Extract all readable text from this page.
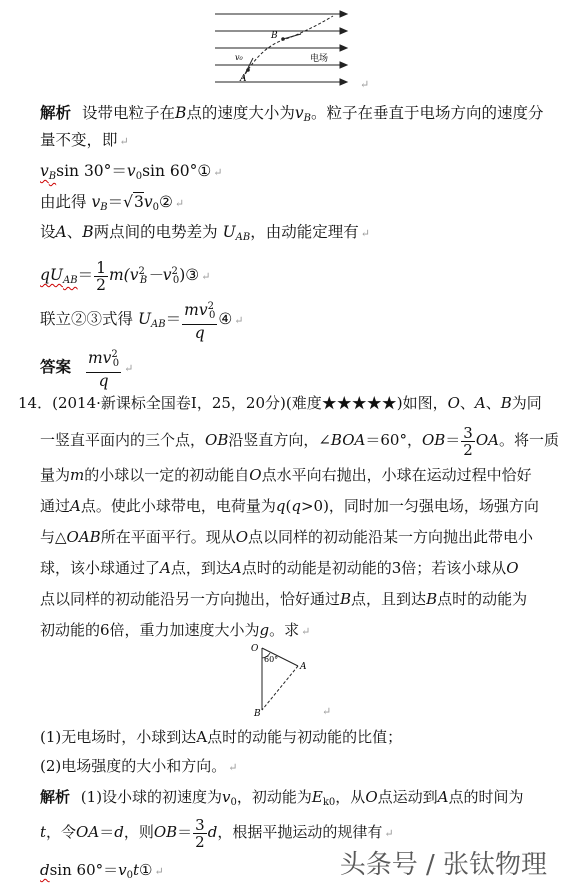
B
v₀
A
电场
↵
解析 设带电粒子在B点的速度大小为$v_B$。粒子在垂直于电场方向的速度分
量不变，即 ↵
$v_B\sin$ $30^\circ=v_0\sin$ 60°① ↵
由此得 $v_B=√3v_0②$ ↵
设A、B两点间的电势差为 $U_{AB}$，由动能定理有 ↵
$qU_{AB}= \frac{1}{2}$ $m(v^2_B-v^2_0)③$ ↵
联立②③式得 $U_{AB}= \frac{mv^2_0}{q}$ ④ ↵
答案 $\frac{mv^2_0}{q}$ ↵
14．(2014·新课标全国卷Ⅰ，25，20分)(难度★★★★★)如图，O、A、B为同
一竖直平面内的三个点，OB沿竖直方向，∠BOA＝60°，$OB= \frac{3}{2}$ OA。将一质
量为m的小球以一定的初动能自O点水平向右抛出，小球在运动过程中恰好
通过A点。使此小球带电，电荷量为q(q>0)，同时加一匀强电场，场强方向
与△OAB所在平面平行。现从O点以同样的初动能沿某一方向抛出此带电小
球，该小球通过了A点，到达A点时的动能是初动能的3倍；若该小球从O
点以同样的初动能沿另一方向抛出，恰好通过B点，且到达B点时的动能为
初动能的6倍，重力加速度大小为g。求 ↵
O
60°
A
B	↵
(1)无电场时，小球到达A点时的动能与初动能的比值；
(2)电场强度的大小和方向。 ↵
解析 (1)设小球的初速度为$v_0$，初动能为$E_{k0}$，从O点运动到A点的时间为
t，令OA＝d，则$OB= \frac{3}{2}$ d，根据平抛运动的规律有 ↵
dsin $60^\circ=v_0t①$ ↵	头条号 / 张钛物理
